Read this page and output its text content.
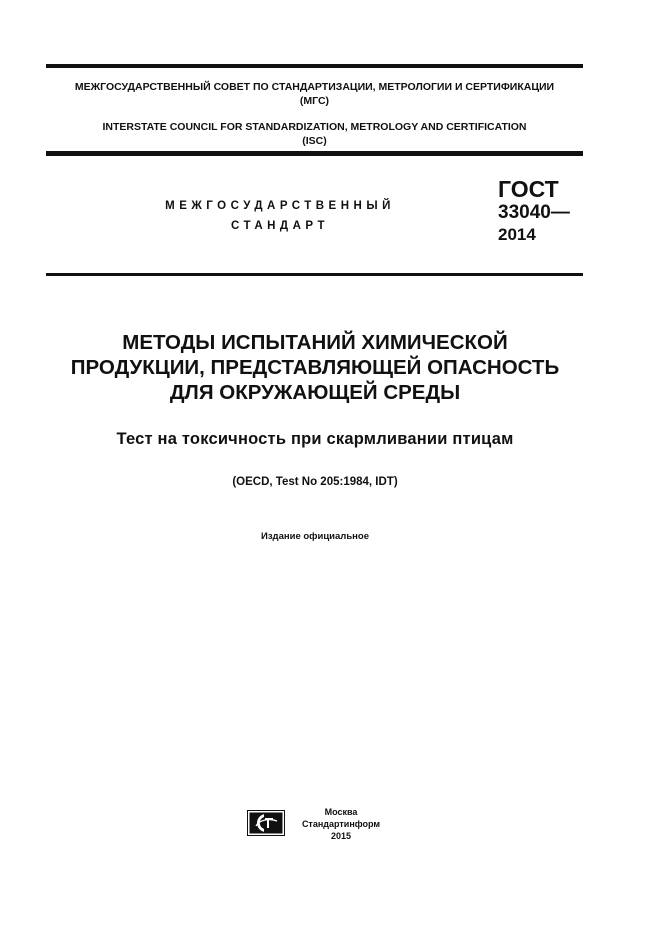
МЕЖГОСУДАРСТВЕННЫЙ СОВЕТ ПО СТАНДАРТИЗАЦИИ, МЕТРОЛОГИИ И СЕРТИФИКАЦИИ
(МГС)
INTERSTATE COUNCIL FOR STANDARDIZATION, METROLOGY AND CERTIFICATION
(ISC)
МЕЖГОСУДАРСТВЕННЫЙ
СТАНДАРТ
ГОСТ
33040—
2014
МЕТОДЫ ИСПЫТАНИЙ ХИМИЧЕСКОЙ
ПРОДУКЦИИ, ПРЕДСТАВЛЯЮЩЕЙ ОПАСНОСТЬ
ДЛЯ ОКРУЖАЮЩЕЙ СРЕДЫ
Тест на токсичность при скармливании птицам
(OECD, Test No 205:1984, IDT)
Издание официальное
Москва
Стандартинформ
2015
